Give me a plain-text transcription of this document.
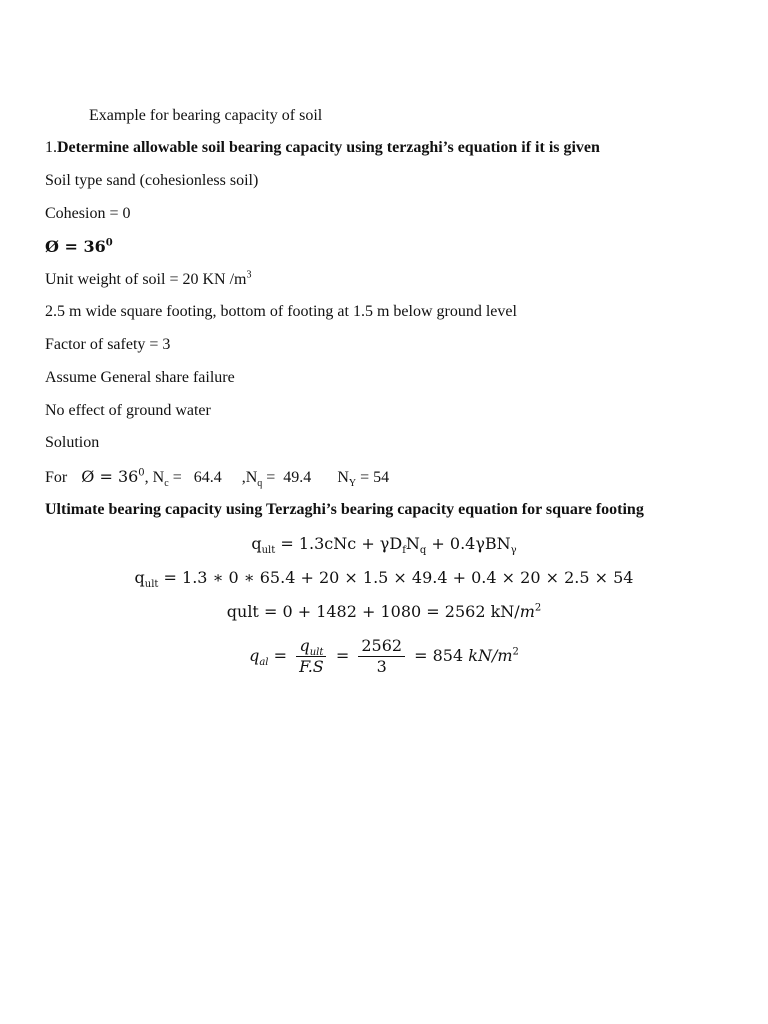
Example for bearing capacity of soil
1.Determine allowable soil bearing capacity using terzaghi’s equation if it is given
Soil type sand (cohesionless soil)
Cohesion = 0
Ø = $36^0$
Unit weight of soil = 20 KN $/m^3$
2.5 m wide square footing, bottom of footing at 1.5 m below ground level
Factor of safety = 3
Assume General share failure
No effect of ground water
Solution
For Ø = $36^0$, $N_c = 64.4$ $,N_q = 49.4$ $N_Y = 54$
Ultimate bearing capacity using Terzaghi’s bearing capacity equation for square footing
$q_{ult} = 1.3cNc + \gamma D_fN_q + 0.4\gamma BN_\gamma$
$q_{ult} = 1.3$ ∗ 0 ∗ 65.4 + 20 × 1.5 × 49.4 + 0.4 × 20 × 2.5 × 54
qult = 0 + 1482 + 1080 = 2562 $kN/m^2$
$q_{al} = \frac{q_{ult}}{F.S} = \frac{2562}{3} = 854$ $kN/m^2$
